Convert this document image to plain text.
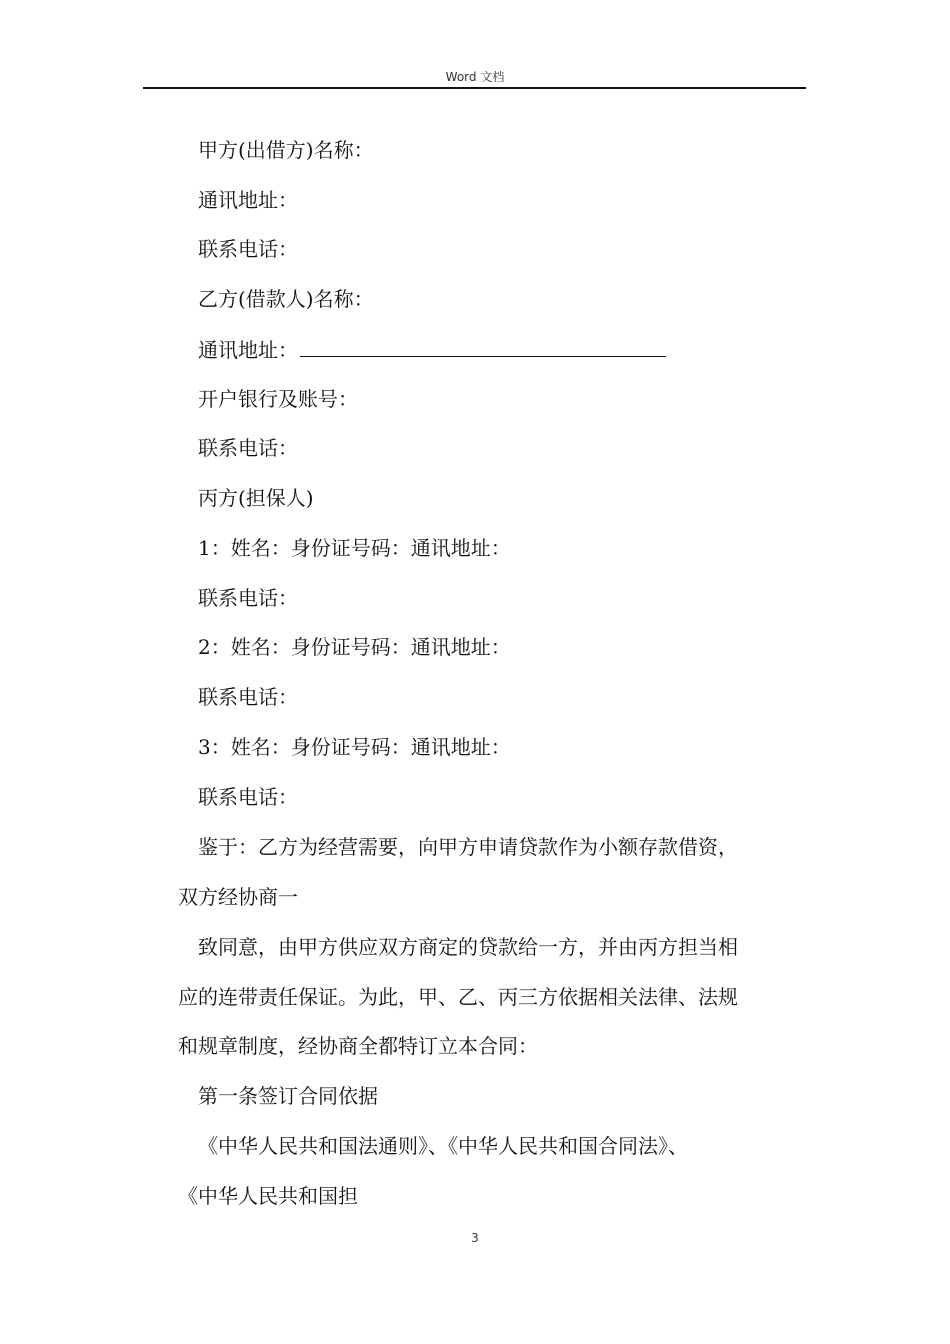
Word 文档
甲方(出借方)名称：
通讯地址：
联系电话：
乙方(借款人)名称：
通讯地址：
开户银行及账号：
联系电话：
丙方(担保人)
1：姓名：身份证号码：通讯地址：
联系电话：
2：姓名：身份证号码：通讯地址：
联系电话：
3：姓名：身份证号码：通讯地址：
联系电话：
鉴于：乙方为经营需要，向甲方申请贷款作为小额存款借资，
双方经协商一
致同意，由甲方供应双方商定的贷款给一方，并由丙方担当相
应的连带责任保证。为此，甲、乙、丙三方依据相关法律、法规
和规章制度，经协商全都特订立本合同：
第一条签订合同依据
《中华人民共和国法通则》、《中华人民共和国合同法》、
《中华人民共和国担
3
